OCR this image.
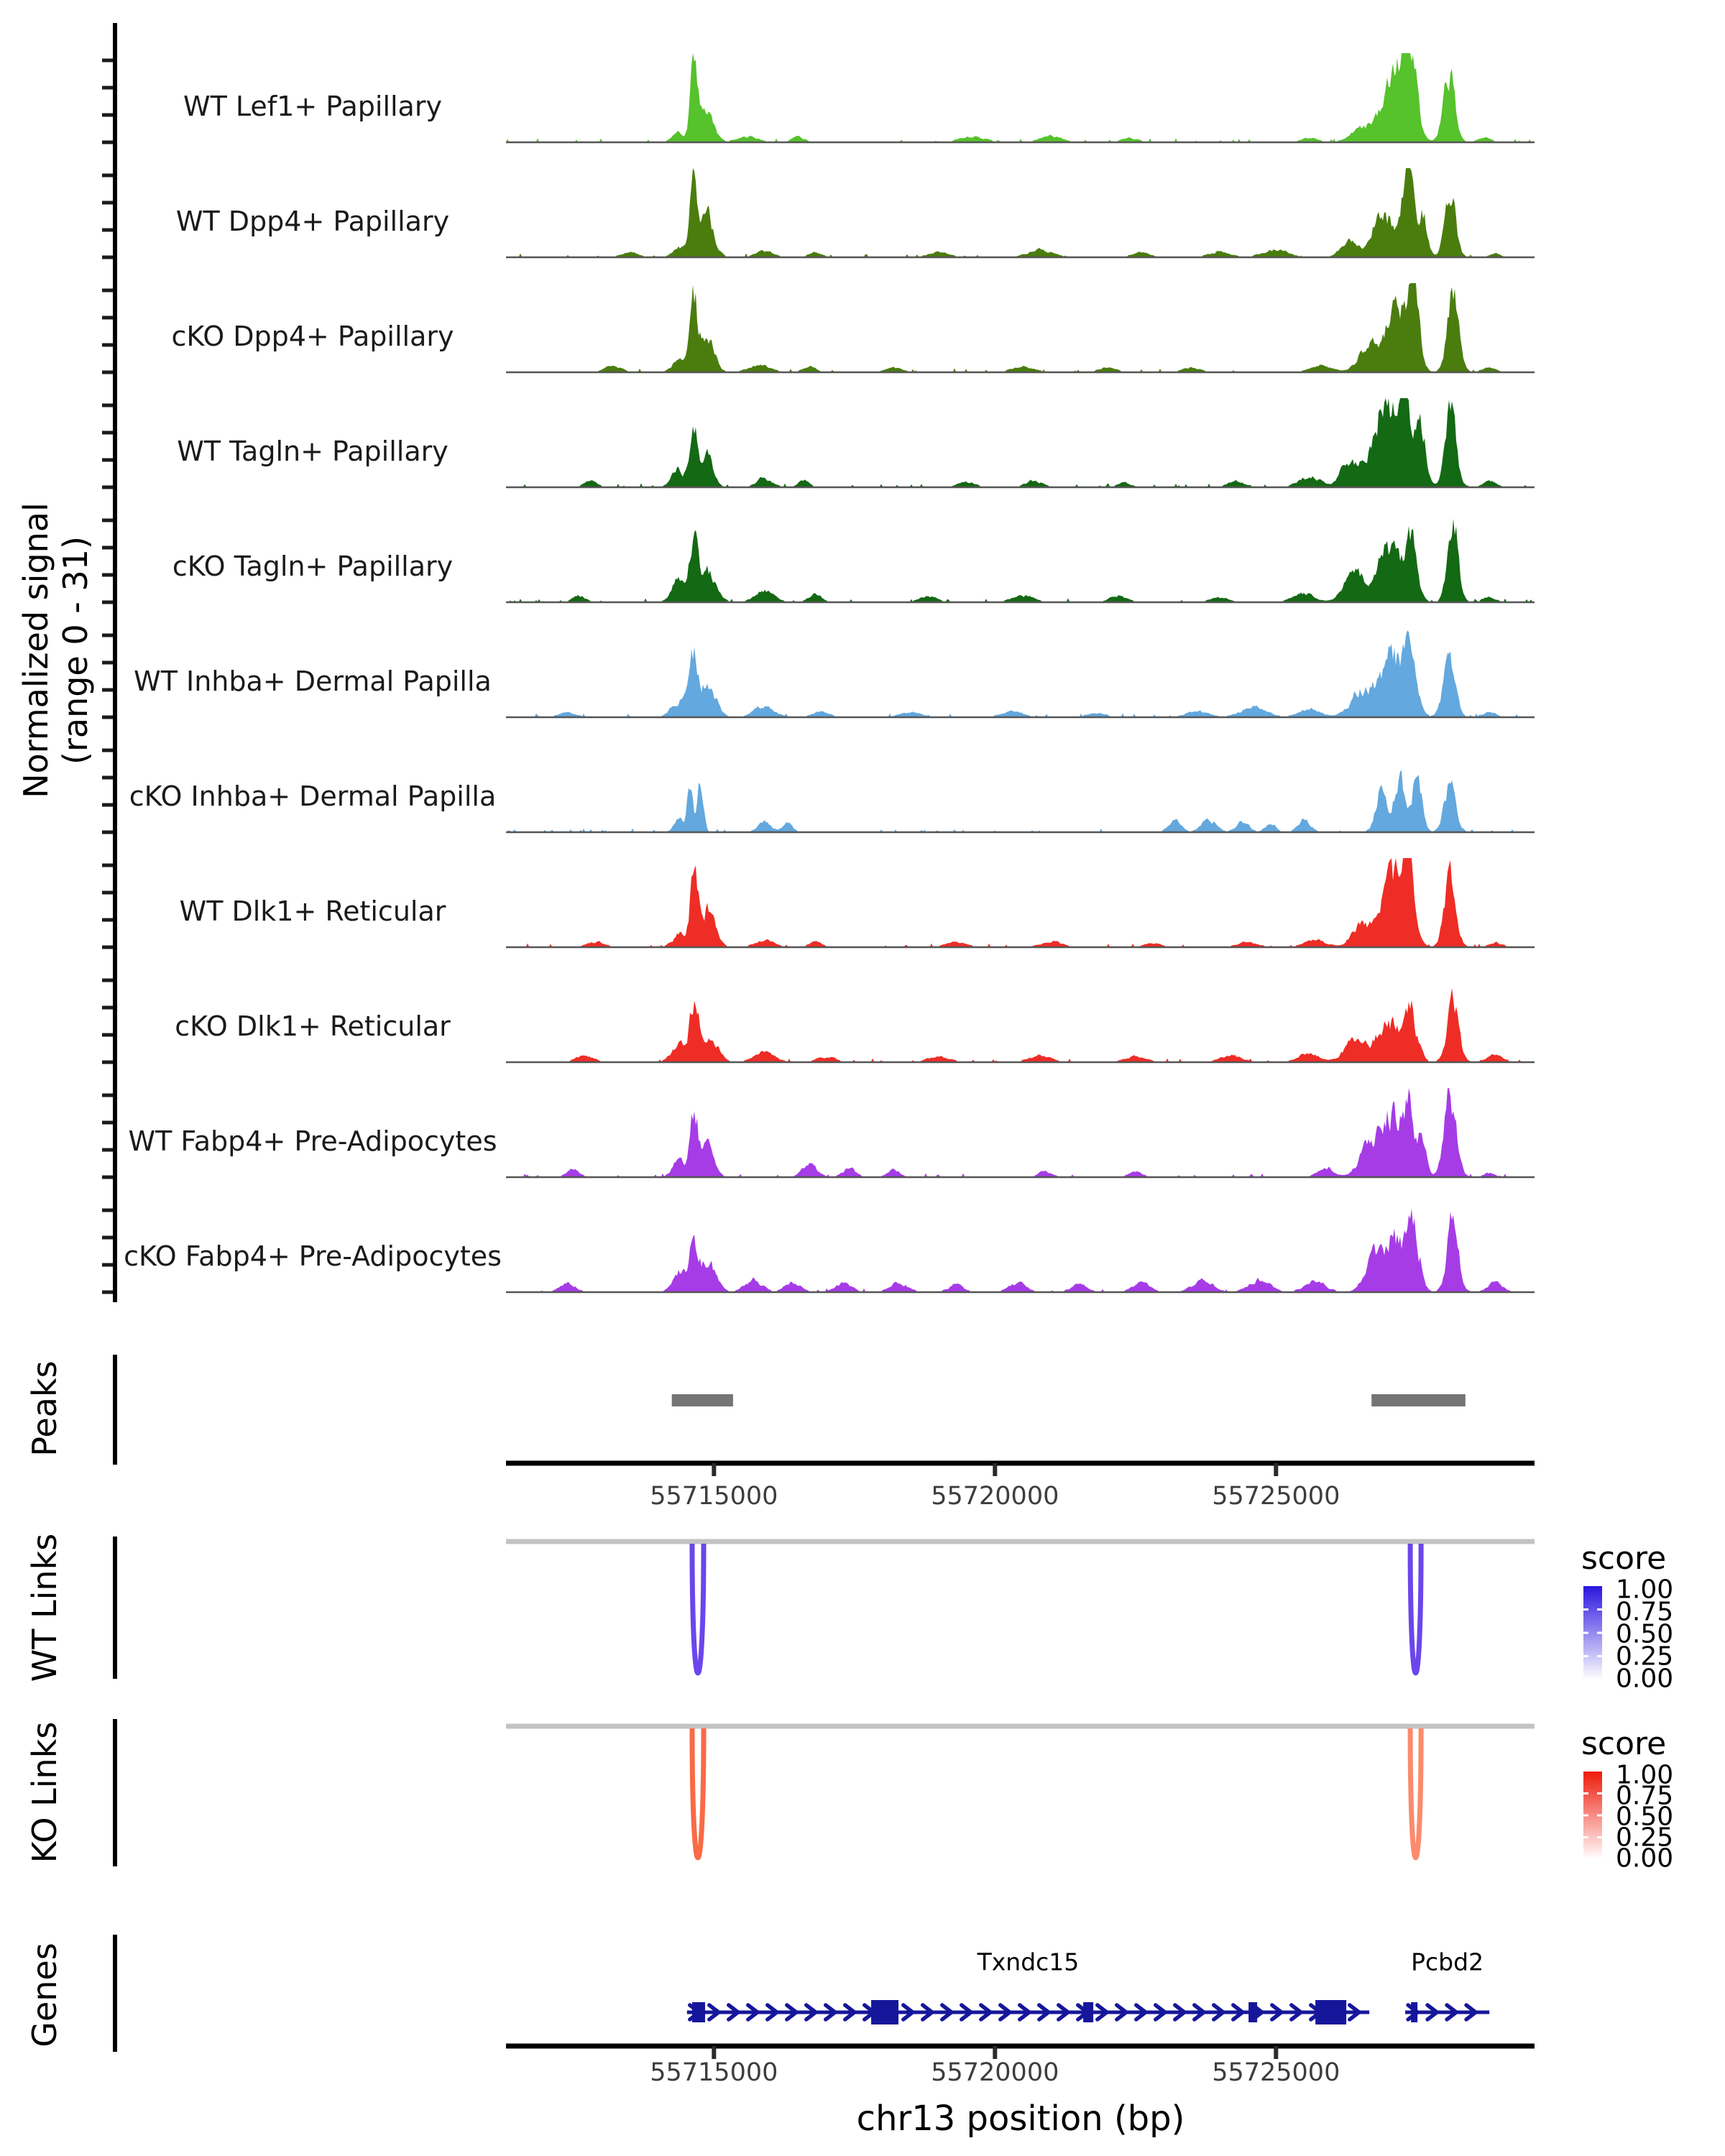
WT Lef1+ Papillary
WT Dpp4+ Papillary
cKO Dpp4+ Papillary
WT Tagln+ Papillary
cKO Tagln+ Papillary
WT Inhba+ Dermal Papilla
cKO Inhba+ Dermal Papilla
WT Dlk1+ Reticular
cKO Dlk1+ Reticular
WT Fabp4+ Pre-Adipocytes
cKO Fabp4+ Pre-Adipocytes
55715000	55720000	55725000
55715000	55720000	55725000
1.00
0.75
0.50
0.25
0.00
1.00
0.75
0.50
0.25
0.00
Txndc15	Pcbd2
Normalized signal (range 0 - 31)
Peaks
WT Links
KO Links
Genes
score
score
chr13 position (bp)
